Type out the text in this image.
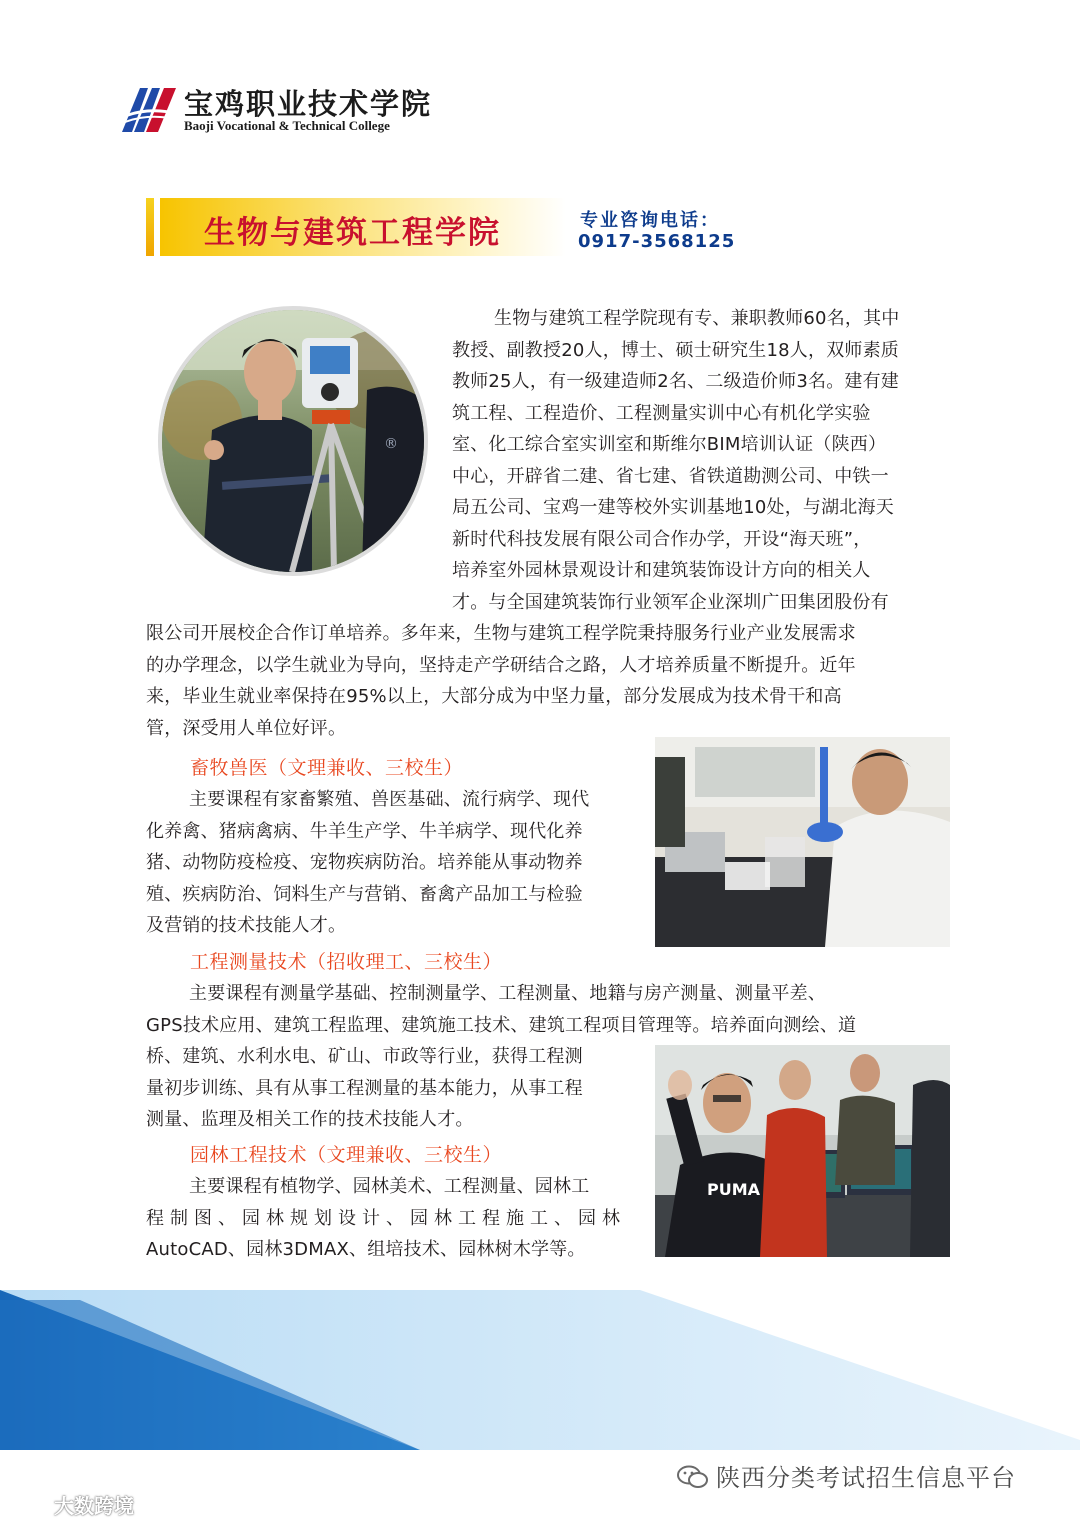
宝鸡职业技术学院
Baoji Vocational & Technical College
生物与建筑工程学院	专业咨询电话：
0917-3568125
®
生物与建筑工程学院现有专、兼职教师60名，其中
教授、副教授20人，博士、硕士研究生18人，双师素质
教师25人，有一级建造师2名、二级造价师3名。建有建
筑工程、工程造价、工程测量实训中心有机化学实验
室、化工综合室实训室和斯维尔BIM培训认证（陕西）
中心，开辟省二建、省七建、省铁道勘测公司、中铁一
局五公司、宝鸡一建等校外实训基地10处，与湖北海天
新时代科技发展有限公司合作办学，开设“海天班”，
培养室外园林景观设计和建筑装饰设计方向的相关人
才。与全国建筑装饰行业领军企业深圳广田集团股份有
限公司开展校企合作订单培养。多年来，生物与建筑工程学院秉持服务行业产业发展需求
的办学理念，以学生就业为导向，坚持走产学研结合之路，人才培养质量不断提升。近年
来，毕业生就业率保持在95%以上，大部分成为中坚力量，部分发展成为技术骨干和高
管，深受用人单位好评。
畜牧兽医（文理兼收、三校生）
主要课程有家畜繁殖、兽医基础、流行病学、现代
化养禽、猪病禽病、牛羊生产学、牛羊病学、现代化养
猪、动物防疫检疫、宠物疾病防治。培养能从事动物养
殖、疾病防治、饲料生产与营销、畜禽产品加工与检验
及营销的技术技能人才。
工程测量技术（招收理工、三校生）
主要课程有测量学基础、控制测量学、工程测量、地籍与房产测量、测量平差、
GPS技术应用、建筑工程监理、建筑施工技术、建筑工程项目管理等。培养面向测绘、道
桥、建筑、水利水电、矿山、市政等行业，获得工程测
量初步训练、具有从事工程测量的基本能力，从事工程
测量、监理及相关工作的技术技能人才。
PUMA
园林工程技术（文理兼收、三校生）
主要课程有植物学、园林美术、工程测量、园林工
程制图、园林规划设计、园林工程施工、园林
AutoCAD、园林3DMAX、组培技术、园林树木学等。
陕西分类考试招生信息平台
大数跨境
